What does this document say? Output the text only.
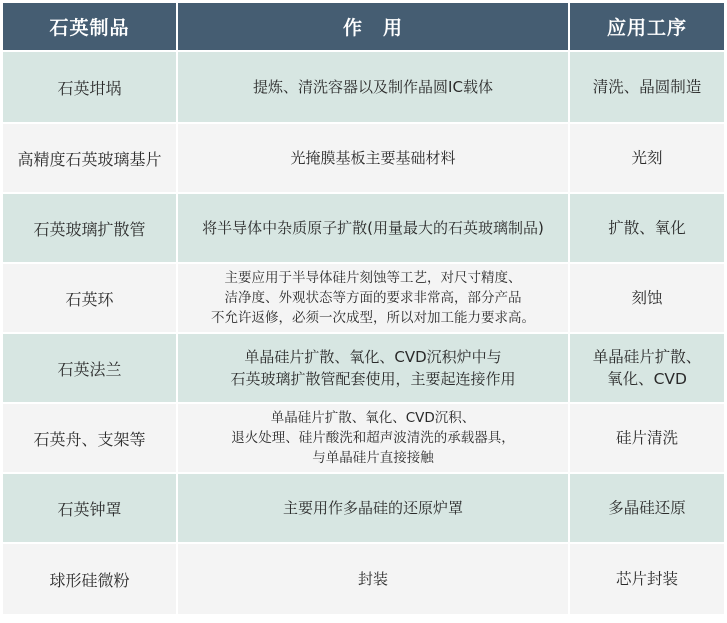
石英制品	作　用	应用工序
石英坩埚	提炼、清洗容器以及制作晶圆IC载体	清洗、晶圆制造

高精度石英玻璃基片	光掩膜基板主要基础材料	光刻

石英玻璃扩散管	将半导体中杂质原子扩散(用量最大的石英玻璃制品)	扩散、氧化

石英环	主要应用于半导体硅片刻蚀等工艺，对尺寸精度、
洁净度、外观状态等方面的要求非常高，部分产品
不允许返修，必须一次成型，所以对加工能力要求高。	刻蚀

石英法兰	单晶硅片扩散、氧化、CVD沉积炉中与
石英玻璃扩散管配套使用，主要起连接作用	单晶硅片扩散、
氧化、CVD

石英舟、支架等	单晶硅片扩散、氧化、CVD沉积、
退火处理、硅片酸洗和超声波清洗的承载器具，
与单晶硅片直接接触	硅片清洗

石英钟罩	主要用作多晶硅的还原炉罩	多晶硅还原

球形硅微粉	封装	芯片封装
